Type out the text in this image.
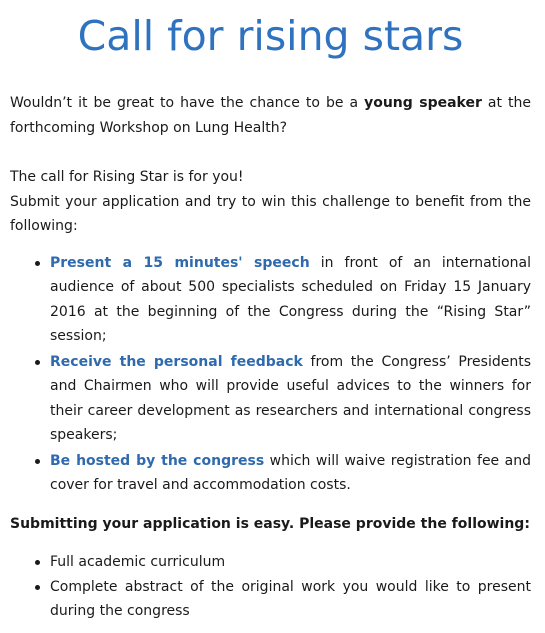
Call for rising stars

Wouldn’t it be great to have the chance to be a young speaker at the forthcoming Workshop on Lung Health?

The call for Rising Star is for you!

Submit your application and try to win this challenge to benefit from the following:

Present a 15 minutes' speech in front of an international audience of about 500 specialists scheduled on Friday 15 January 2016 at the beginning of the Congress during the “Rising Star” session;
Receive the personal feedback from the Congress’ Presidents and Chairmen who will provide useful advices to the winners for their career development as researchers and international congress speakers;
Be hosted by the congress which will waive registration fee and cover for travel and accommodation costs.

Submitting your application is easy. Please provide the following:

Full academic curriculum
Complete abstract of the original work you would like to present during the congress
